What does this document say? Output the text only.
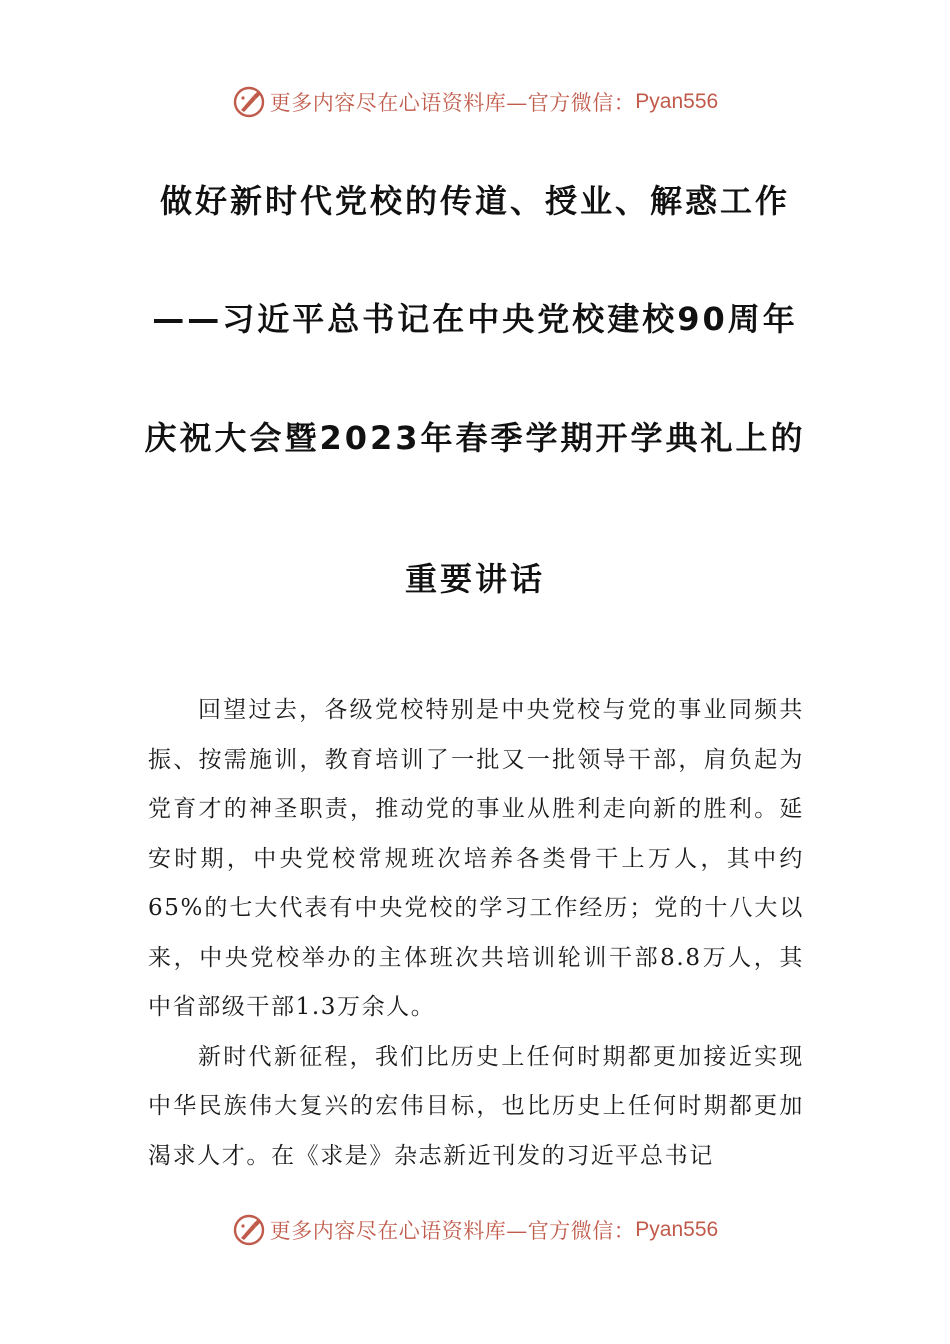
更多内容尽在心语资料库—官方微信： Pyan556
做好新时代党校的传道、授业、解惑工作
——习近平总书记在中央党校建校90周年
庆祝大会暨2023年春季学期开学典礼上的
重要讲话

回望过去，各级党校特别是中央党校与党的事业同频共振、按需施训，教育培训了一批又一批领导干部，肩负起为党育才的神圣职责，推动党的事业从胜利走向新的胜利。延安时期，中央党校常规班次培养各类骨干上万人，其中约65%的七大代表有中央党校的学习工作经历；党的十八大以来，中央党校举办的主体班次共培训轮训干部8.8万人，其中省部级干部1.3万余人。

新时代新征程，我们比历史上任何时期都更加接近实现中华民族伟大复兴的宏伟目标，也比历史上任何时期都更加渴求人才。在《求是》杂志新近刊发的习近平总书记

更多内容尽在心语资料库—官方微信： Pyan556
